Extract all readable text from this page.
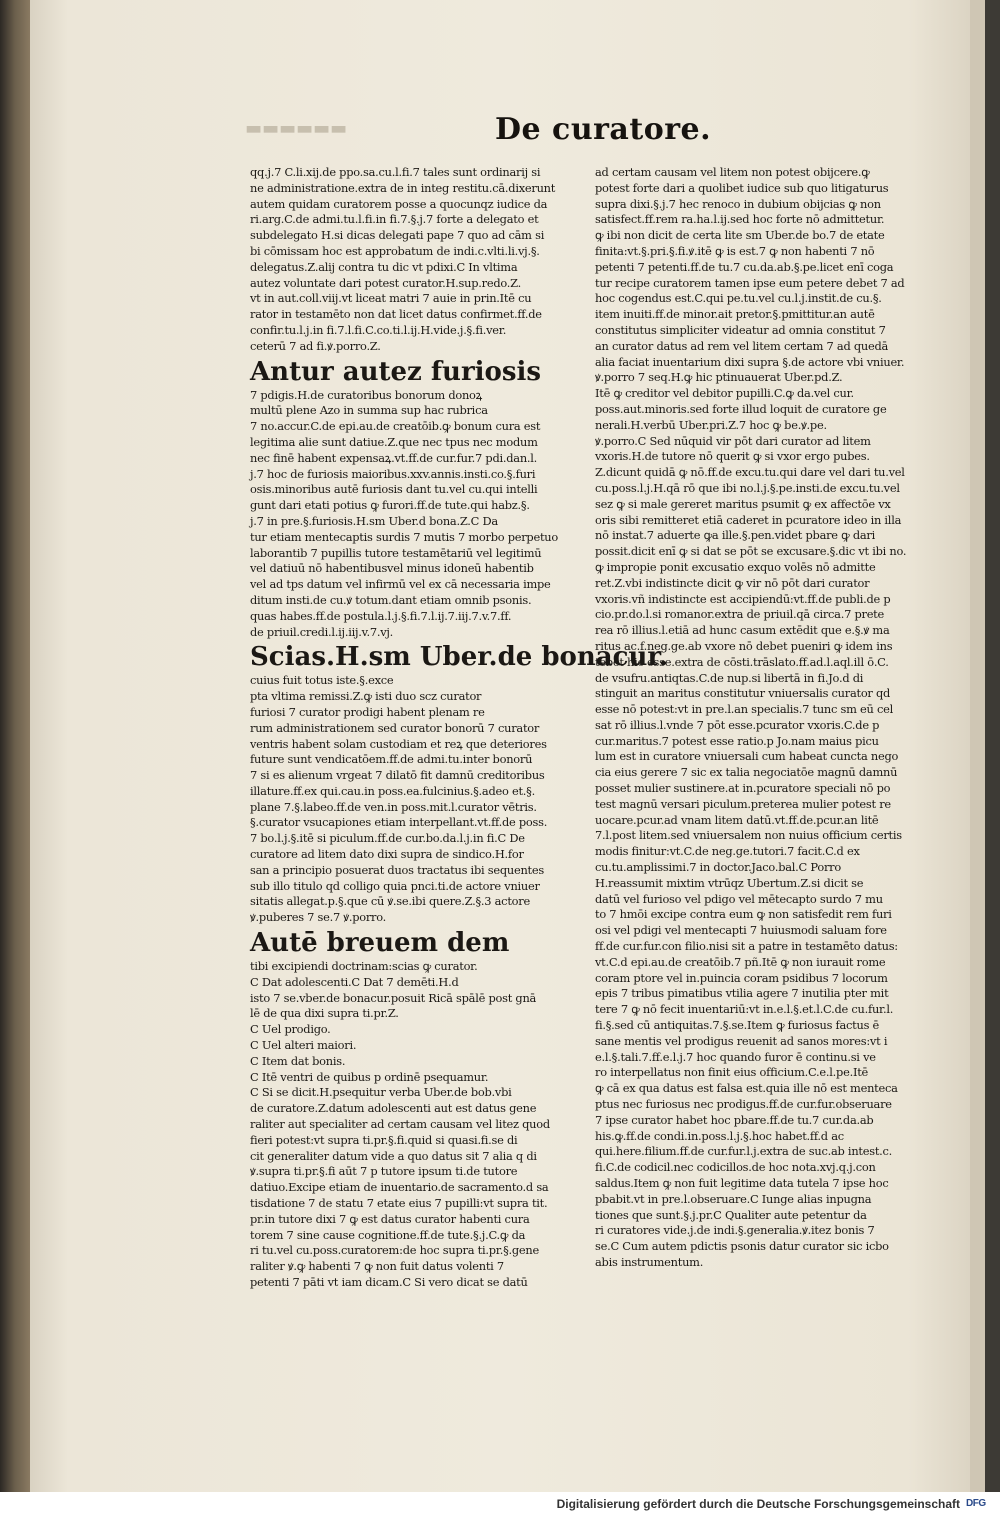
▬▬▬▬▬▬	De curatore.
qq.j.7 C.li.xij.de ppo.sa.cu.l.fi.7 tales sunt ordinarij si
ne administratione.extra de in integ restitu.cā.dixerunt
autem quidam curatorem posse a quocunqz iudice da
ri.arg.C.de admi.tu.l.fi.in fi.7.§.j.7 forte a delegato et
subdelegato H.si dicas delegati pape 7 quo ad cām si
bi cōmissam hoc est approbatum de indi.c.vlti.li.vj.§.
delegatus.Z.alij contra tu dic vt pdixi.C In vltima
autez voluntate dari potest curator.H.sup.redo.Z.
vt in aut.coll.viij.vt liceat matri 7 auie in prin.Itē cu
rator in testamēto non dat licet datus confirmet.ff.de
confir.tu.l.j.in fi.7.l.fi.C.co.ti.l.ij.H.vide.j.§.fi.ver.
ceterū 7 ad fi.ꝟ.porro.Z.
Antur autez furiosis
7 pdigis.H.de curatoribus bonorum donoꝝ
multū plene Azo in summa sup hac rubrica
7 no.accur.C.de epi.au.de creatōib.ꝙ bonum cura est
legitima alie sunt datiue.Z.que nec tpus nec modum
nec finē habent expensaꝝ.vt.ff.de cur.fur.7 pdi.dan.l.
j.7 hoc de furiosis maioribus.xxv.annis.insti.co.§.furi
osis.minoribus autē furiosis dant tu.vel cu.qui intelli
gunt dari etati potius ꝙ furori.ff.de tute.qui habz.§.
j.7 in pre.§.furiosis.H.sm Uber.d bona.Z.C Da
tur etiam mentecaptis surdis 7 mutis 7 morbo perpetuo
laborantib 7 pupillis tutore testamētariū vel legitimū
vel datiuū nō habentibusvel minus idoneū habentib
vel ad tps datum vel infirmū vel ex cā necessaria impe
ditum insti.de cu.ꝟ totum.dant etiam omnib psonis.
quas habes.ff.de postula.l.j.§.fi.7.l.ij.7.iij.7.v.7.ff.
de priuil.credi.l.ij.iij.v.7.vj.
Scias.H.sm Uber.de bonacur.
cuius fuit totus iste.§.exce
pta vltima remissi.Z.ꝙ isti duo scz curator
furiosi 7 curator prodigi habent plenam re
rum administrationem sed curator bonorū 7 curator
ventris habent solam custodiam et reꝝ que deteriores
future sunt vendicatōem.ff.de admi.tu.inter bonorū
7 si es alienum vrgeat 7 dilatō fit damnū creditoribus
illature.ff.ex qui.cau.in poss.ea.fulcinius.§.adeo et.§.
plane 7.§.labeo.ff.de ven.in poss.mit.l.curator vētris.
§.curator vsucapiones etiam interpellant.vt.ff.de poss.
7 bo.l.j.§.itē si piculum.ff.de cur.bo.da.l.j.in fi.C De
curatore ad litem dato dixi supra de sindico.H.for
san a principio posuerat duos tractatus ibi sequentes
sub illo titulo qd colligo quia pnci.ti.de actore vniuer
sitatis allegat.p.§.que cū ꝟ.se.ibi quere.Z.§.3 actore
ꝟ.puberes 7 se.7 ꝟ.porro.
Autē breuem dem
tibi excipiendi doctrinam:scias ꝙ curator.
C Dat adolescenti.C Dat 7 demēti.H.d
isto 7 se.vber.de bonacur.posuit Ricā spālē post gnā
lē de qua dixi supra ti.pr.Z.
C Uel prodigo.
C Uel alteri maiori.
C Item dat bonis.
C Itē ventri de quibus p ordinē psequamur.
C Si se dicit.H.psequitur verba Uber.de bob.vbi
de curatore.Z.datum adolescenti aut est datus gene
raliter aut specialiter ad certam causam vel litez quod
fieri potest:vt supra ti.pr.§.fi.quid si quasi.fi.se di
cit generaliter datum vide a quo datus sit 7 alia q di
ꝟ.supra ti.pr.§.fi aūt 7 p tutore ipsum ti.de tutore
datiuo.Excipe etiam de inuentario.de sacramento.d sa
tisdatione 7 de statu 7 etate eius 7 pupilli:vt supra tit.
pr.in tutore dixi 7 ꝙ est datus curator habenti cura
torem 7 sine cause cognitione.ff.de tute.§.j.C.ꝙ da
ri tu.vel cu.poss.curatorem:de hoc supra ti.pr.§.gene
raliter ꝟ.ꝙ habenti 7 ꝙ non fuit datus volenti 7
petenti 7 pāti vt iam dicam.C Si vero dicat se datū
ad certam causam vel litem non potest obijcere.ꝙ
potest forte dari a quolibet iudice sub quo litigaturus
supra dixi.§.j.7 hec renoco in dubium obijcias ꝙ non
satisfect.ff.rem ra.ha.l.ij.sed hoc forte nō admittetur.
ꝙ ibi non dicit de certa lite sm Uber.de bo.7 de etate
finita:vt.§.pri.§.fi.ꝟ.itē ꝙ is est.7 ꝙ non habenti 7 nō
petenti 7 petenti.ff.de tu.7 cu.da.ab.§.pe.licet enī coga
tur recipe curatorem tamen ipse eum petere debet 7 ad
hoc cogendus est.C.qui pe.tu.vel cu.l.j.instit.de cu.§.
item inuiti.ff.de minor.ait pretor.§.pmittitur.an autē
constitutus simpliciter videatur ad omnia constitut 7
an curator datus ad rem vel litem certam 7 ad quedā
alia faciat inuentarium dixi supra §.de actore vbi vniuer.
ꝟ.porro 7 seq.H.ꝙ hic ptinuauerat Uber.pd.Z.
Itē ꝙ creditor vel debitor pupilli.C.ꝙ da.vel cur.
poss.aut.minoris.sed forte illud loquit de curatore ge
nerali.H.verbū Uber.pri.Z.7 hoc ꝙ be.ꝟ.pe.
ꝟ.porro.C Sed nūquid vir pōt dari curator ad litem
vxoris.H.de tutore nō querit ꝙ si vxor ergo pubes.
Z.dicunt quidā ꝙ nō.ff.de excu.tu.qui dare vel dari tu.vel
cu.poss.l.j.H.qā rō que ibi no.l.j.§.pe.insti.de excu.tu.vel
sez ꝙ si male gereret maritus psumit ꝙ ex affectōe vx
oris sibi remitteret etiā caderet in pcuratore ideo in illa
nō instat.7 aduerte ꝙa ille.§.pen.videt pbare ꝙ dari
possit.dicit enī ꝙ si dat se pōt se excusare.§.dic vt ibi no.
ꝙ impropie ponit excusatio exquo volēs nō admitte
ret.Z.vbi indistincte dicit ꝙ vir nō pōt dari curator
vxoris.vñ indistincte est accipiendū:vt.ff.de publi.de p
cio.pr.do.l.si romanor.extra de priuil.qā circa.7 prete
rea rō illius.l.etiā ad hunc casum extēdit que e.§.ꝟ ma
ritus ac.f.neg.ge.ab vxore nō debet pueniri ꝙ idem ins
tebet hic esse.extra de cōsti.trāslato.ff.ad.l.aql.ill ō.C.
de vsufru.antiqtas.C.de nup.si libertā in fi.Jo.d di
stinguit an maritus constitutur vniuersalis curator qd
esse nō potest:vt in pre.l.an specialis.7 tunc sm eū cel
sat rō illius.l.vnde 7 pōt esse.pcurator vxoris.C.de p
cur.maritus.7 potest esse ratio.p Jo.nam maius picu
lum est in curatore vniuersali cum habeat cuncta nego
cia eius gerere 7 sic ex talia negociatōe magnū damnū
posset mulier sustinere.at in.pcuratore speciali nō po
test magnū versari piculum.preterea mulier potest re
uocare.pcur.ad vnam litem datū.vt.ff.de.pcur.an litē
7.l.post litem.sed vniuersalem non nuius officium certis
modis finitur:vt.C.de neg.ge.tutori.7 facit.C.d ex
cu.tu.amplissimi.7 in doctor.Jaco.bal.C Porro
H.reassumit mixtim vtrūqz Ubertum.Z.si dicit se
datū vel furioso vel pdigo vel mētecapto surdo 7 mu
to 7 hmōi excipe contra eum ꝙ non satisfedit rem furi
osi vel pdigi vel mentecapti 7 huiusmodi saluam fore
ff.de cur.fur.con filio.nisi sit a patre in testamēto datus:
vt.C.d epi.au.de creatōib.7 pñ.Itē ꝙ non iurauit rome
coram ptore vel in.puincia coram psidibus 7 locorum
epis 7 tribus pimatibus vtilia agere 7 inutilia pter mit
tere 7 ꝙ nō fecit inuentariū:vt in.e.l.§.et.l.C.de cu.fur.l.
fi.§.sed cū antiquitas.7.§.se.Item ꝙ furiosus factus ē
sane mentis vel prodigus reuenit ad sanos mores:vt i
e.l.§.tali.7.ff.e.l.j.7 hoc quando furor ē continu.si ve
ro interpellatus non finit eius officium.C.e.l.pe.Itē
ꝙ cā ex qua datus est falsa est.quia ille nō est menteca
ptus nec furiosus nec prodigus.ff.de cur.fur.obseruare
7 ipse curator habet hoc pbare.ff.de tu.7 cur.da.ab
his.ꝙ.ff.de condi.in.poss.l.j.§.hoc habet.ff.d ac
qui.here.filium.ff.de cur.fur.l.j.extra de suc.ab intest.c.
fi.C.de codicil.nec codicillos.de hoc nota.xvj.q.j.con
saldus.Item ꝙ non fuit legitime data tutela 7 ipse hoc
pbabit.vt in pre.l.obseruare.C Iunge alias inpugna
tiones que sunt.§.j.pr.C Qualiter aute petentur da
ri curatores vide.j.de indi.§.generalia.ꝟ.itez bonis 7
se.C Cum autem pdictis psonis datur curator sic icbo
abis instrumentum.
Digitalisierung gefördert durch die Deutsche Forschungsgemeinschaft DFG
